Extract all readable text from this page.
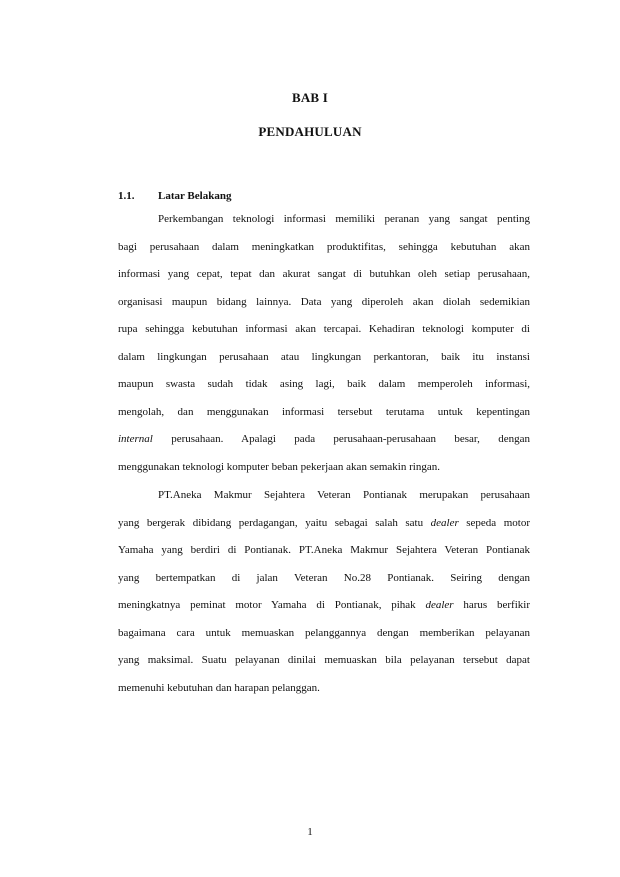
BAB I
PENDAHULUAN
1.1. Latar Belakang

Perkembangan teknologi informasi memiliki peranan yang sangat penting
bagi perusahaan dalam meningkatkan produktifitas, sehingga kebutuhan akan
informasi yang cepat, tepat dan akurat sangat di butuhkan oleh setiap perusahaan,
organisasi maupun bidang lainnya. Data yang diperoleh akan diolah sedemikian
rupa sehingga kebutuhan informasi akan tercapai. Kehadiran teknologi komputer di
dalam lingkungan perusahaan atau lingkungan perkantoran, baik itu instansi
maupun swasta sudah tidak asing lagi, baik dalam memperoleh informasi,
mengolah, dan menggunakan informasi tersebut terutama untuk kepentingan
internal perusahaan. Apalagi pada perusahaan-perusahaan besar, dengan
menggunakan teknologi komputer beban pekerjaan akan semakin ringan.

PT.Aneka Makmur Sejahtera Veteran Pontianak merupakan perusahaan
yang bergerak dibidang perdagangan, yaitu sebagai salah satu dealer sepeda motor
Yamaha yang berdiri di Pontianak. PT.Aneka Makmur Sejahtera Veteran Pontianak
yang bertempatkan di jalan Veteran No.28 Pontianak. Seiring dengan
meningkatnya peminat motor Yamaha di Pontianak, pihak dealer harus berfikir
bagaimana cara untuk memuaskan pelanggannya dengan memberikan pelayanan
yang maksimal. Suatu pelayanan dinilai memuaskan bila pelayanan tersebut dapat
memenuhi kebutuhan dan harapan pelanggan.

1
